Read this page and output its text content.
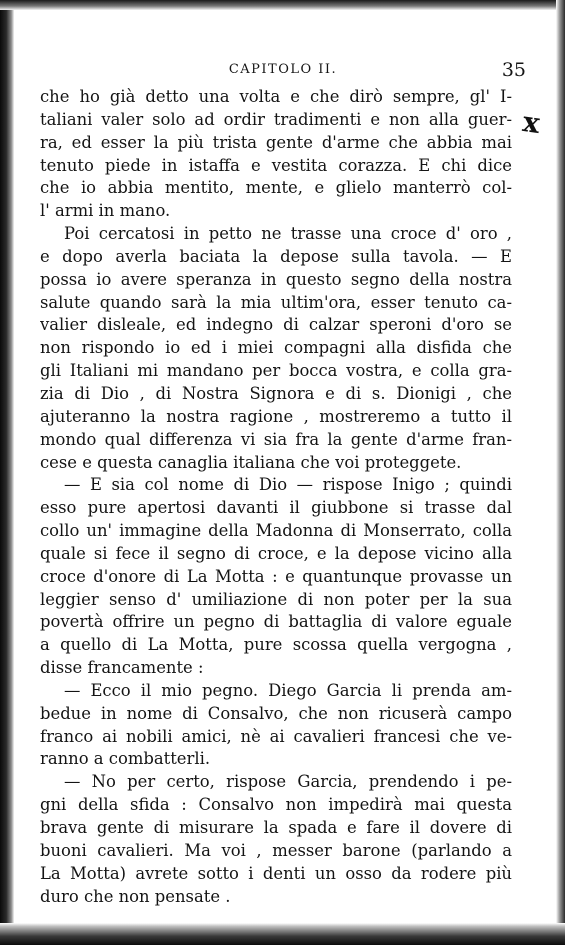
CAPITOLO II.	35
x
che ho già detto una volta e che dirò sempre, gl' I-
taliani valer solo ad ordir tradimenti e non alla guer-
ra, ed esser la più trista gente d'arme che abbia mai
tenuto piede in istaffa e vestita corazza. E chi dice
che io abbia mentito, mente, e glielo manterrò col-
l' armi in mano.
Poi cercatosi in petto ne trasse una croce d' oro ,
e dopo averla baciata la depose sulla tavola. — E
possa io avere speranza in questo segno della nostra
salute quando sarà la mia ultim'ora, esser tenuto ca-
valier disleale, ed indegno di calzar speroni d'oro se
non rispondo io ed i miei compagni alla disfida che
gli Italiani mi mandano per bocca vostra, e colla gra-
zia di Dio , di Nostra Signora e di s. Dionigi , che
ajuteranno la nostra ragione , mostreremo a tutto il
mondo qual differenza vi sia fra la gente d'arme fran-
cese e questa canaglia italiana che voi proteggete.
— E sia col nome di Dio — rispose Inigo ; quindi
esso pure apertosi davanti il giubbone si trasse dal
collo un' immagine della Madonna di Monserrato, colla
quale si fece il segno di croce, e la depose vicino alla
croce d'onore di La Motta : e quantunque provasse un
leggier senso d' umiliazione di non poter per la sua
povertà offrire un pegno di battaglia di valore eguale
a quello di La Motta, pure scossa quella vergogna ,
disse francamente :
— Ecco il mio pegno. Diego Garcia li prenda am-
bedue in nome di Consalvo, che non ricuserà campo
franco ai nobili amici, nè ai cavalieri francesi che ve-
ranno a combatterli.
— No per certo, rispose Garcia, prendendo i pe-
gni della sfida : Consalvo non impedirà mai questa
brava gente di misurare la spada e fare il dovere di
buoni cavalieri. Ma voi , messer barone (parlando a
La Motta) avrete sotto i denti un osso da rodere più
duro che non pensate .
